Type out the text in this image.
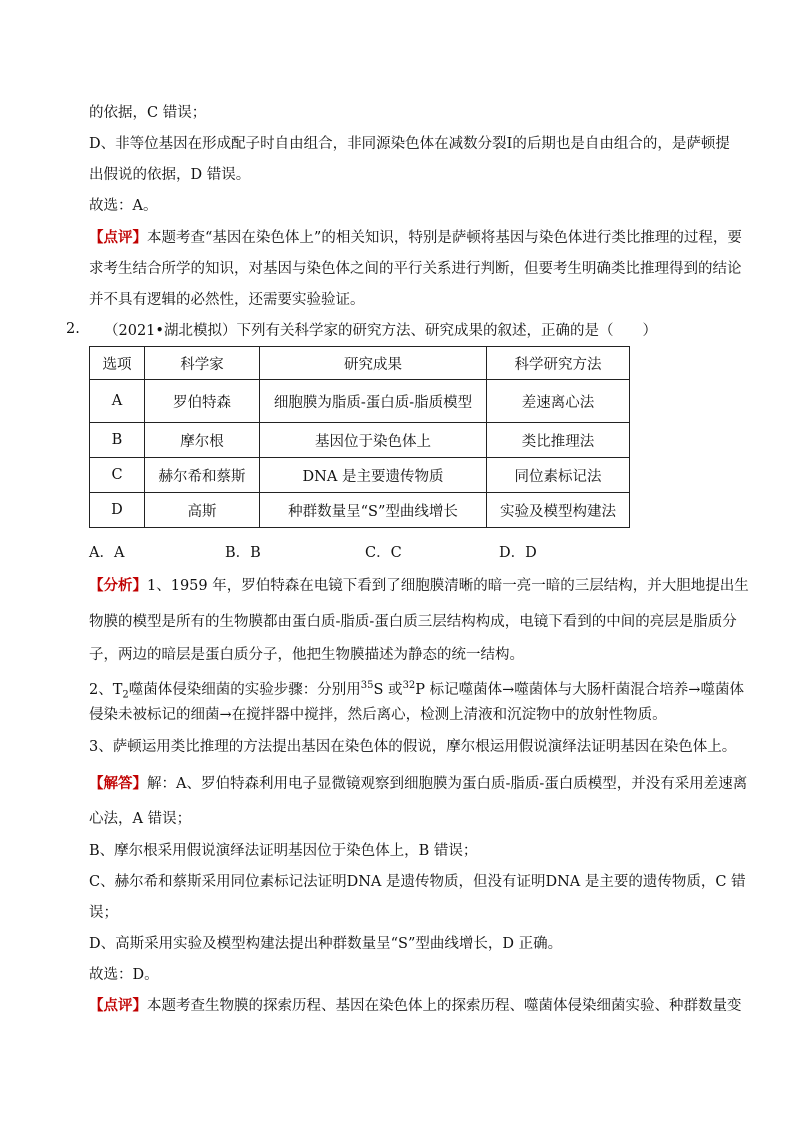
的依据，C 错误；
D、非等位基因在形成配子时自由组合，非同源染色体在减数分裂Ⅰ的后期也是自由组合的，是萨顿提
出假说的依据，D 错误。
故选：A。
【点评】本题考查“基因在染色体上”的相关知识，特别是萨顿将基因与染色体进行类比推理的过程，要
求考生结合所学的知识，对基因与染色体之间的平行关系进行判断，但要考生明确类比推理得到的结论
并不具有逻辑的必然性，还需要实验验证。
2. （2021•湖北模拟）下列有关科学家的研究方法、研究成果的叙述，正确的是（　　）
选项	科学家	研究成果	科学研究方法
A	罗伯特森	细胞膜为脂质-蛋白质-脂质模型	差速离心法
B	摩尔根	基因位于染色体上	类比推理法
C	赫尔希和蔡斯	DNA 是主要遗传物质	同位素标记法
D	高斯	种群数量呈“S”型曲线增长	实验及模型构建法
A．A	B．B	C．C	D．D
【分析】1、1959 年，罗伯特森在电镜下看到了细胞膜清晰的暗一亮一暗的三层结构，并大胆地提出生
物膜的模型是所有的生物膜都由蛋白质-脂质-蛋白质三层结构构成，电镜下看到的中间的亮层是脂质分
子，两边的暗层是蛋白质分子，他把生物膜描述为静态的统一结构。
2、$T_2$噬菌体侵染细菌的实验步骤：分别用$^{35}$S 或$^{32}$P 标记噬菌体→噬菌体与大肠杆菌混合培养→噬菌体
侵染未被标记的细菌→在搅拌器中搅拌，然后离心，检测上清液和沉淀物中的放射性物质。
3、萨顿运用类比推理的方法提出基因在染色体的假说，摩尔根运用假说演绎法证明基因在染色体上。
【解答】解：A、罗伯特森利用电子显微镜观察到细胞膜为蛋白质-脂质-蛋白质模型，并没有采用差速离
心法，A 错误；
B、摩尔根采用假说演绎法证明基因位于染色体上，B 错误；
C、赫尔希和蔡斯采用同位素标记法证明DNA 是遗传物质，但没有证明DNA 是主要的遗传物质，C 错
误；
D、高斯采用实验及模型构建法提出种群数量呈“S”型曲线增长，D 正确。
故选：D。
【点评】本题考查生物膜的探索历程、基因在染色体上的探索历程、噬菌体侵染细菌实验、种群数量变
